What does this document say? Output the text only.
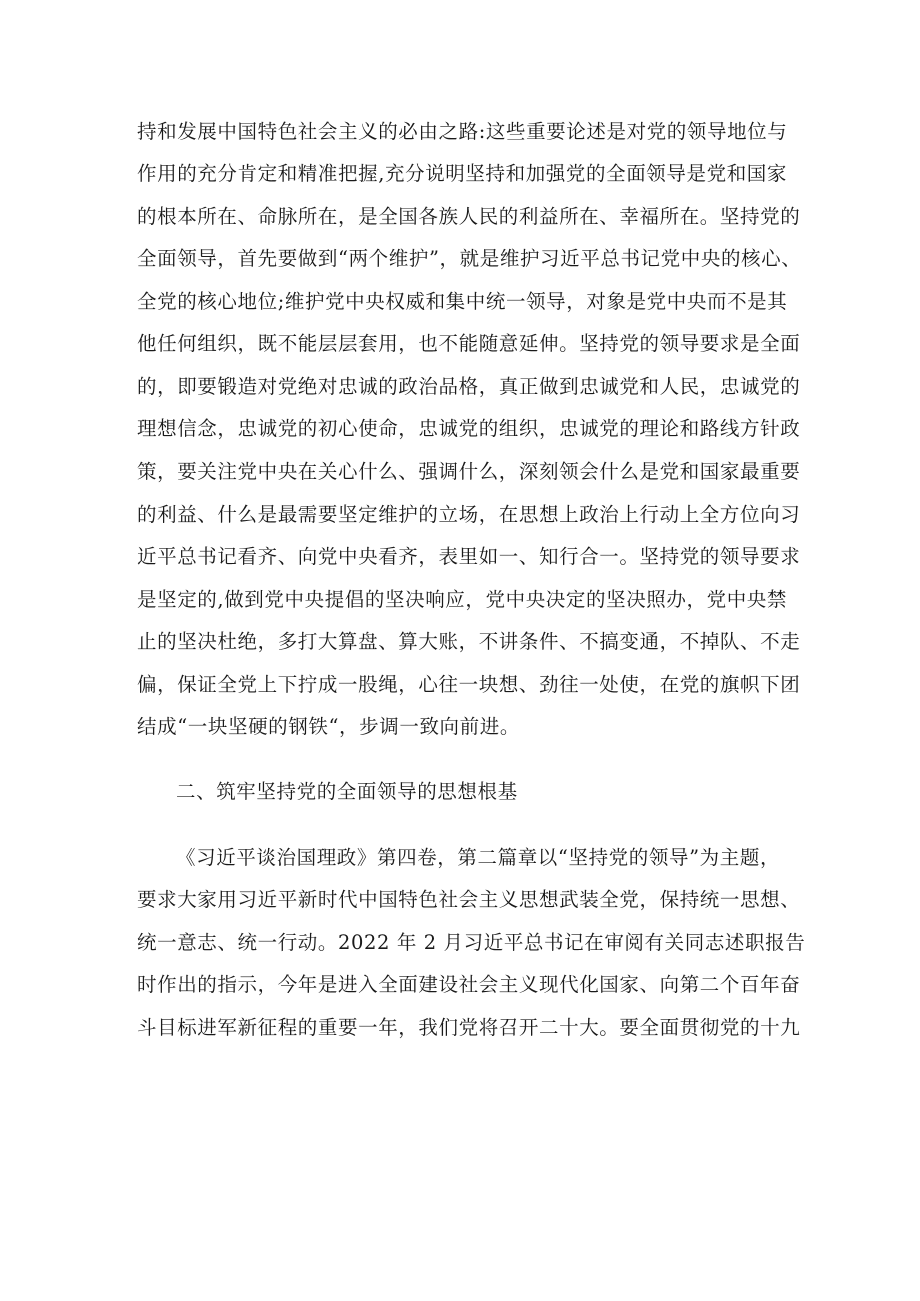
持和发展中国特色社会主义的必由之路:这些重要论述是对党的领导地位与
作用的充分肯定和精准把握,充分说明坚持和加强党的全面领导是党和国家
的根本所在、命脉所在，是全国各族人民的利益所在、幸福所在。坚持党的
全面领导，首先要做到“两个维护”，就是维护习近平总书记党中央的核心、
全党的核心地位;维护党中央权威和集中统一领导，对象是党中央而不是其
他任何组织，既不能层层套用，也不能随意延伸。坚持党的领导要求是全面
的，即要锻造对党绝对忠诚的政治品格，真正做到忠诚党和人民，忠诚党的
理想信念，忠诚党的初心使命，忠诚党的组织，忠诚党的理论和路线方针政
策，要关注党中央在关心什么、强调什么，深刻领会什么是党和国家最重要
的利益、什么是最需要坚定维护的立场，在思想上政治上行动上全方位向习
近平总书记看齐、向党中央看齐，表里如一、知行合一。坚持党的领导要求
是坚定的,做到党中央提倡的坚决响应，党中央决定的坚决照办，党中央禁
止的坚决杜绝，多打大算盘、算大账，不讲条件、不搞变通，不掉队、不走
偏，保证全党上下拧成一股绳，心往一块想、劲往一处使，在党的旗帜下团
结成“一块坚硬的钢铁“，步调一致向前进。
二、筑牢坚持党的全面领导的思想根基
《习近平谈治国理政》第四卷，第二篇章以“坚持党的领导”为主题，
要求大家用习近平新时代中国特色社会主义思想武装全党，保持统一思想、
统一意志、统一行动。2022 年 2 月习近平总书记在审阅有关同志述职报告
时作出的指示，今年是进入全面建设社会主义现代化国家、向第二个百年奋
斗目标进军新征程的重要一年，我们党将召开二十大。要全面贯彻党的十九
